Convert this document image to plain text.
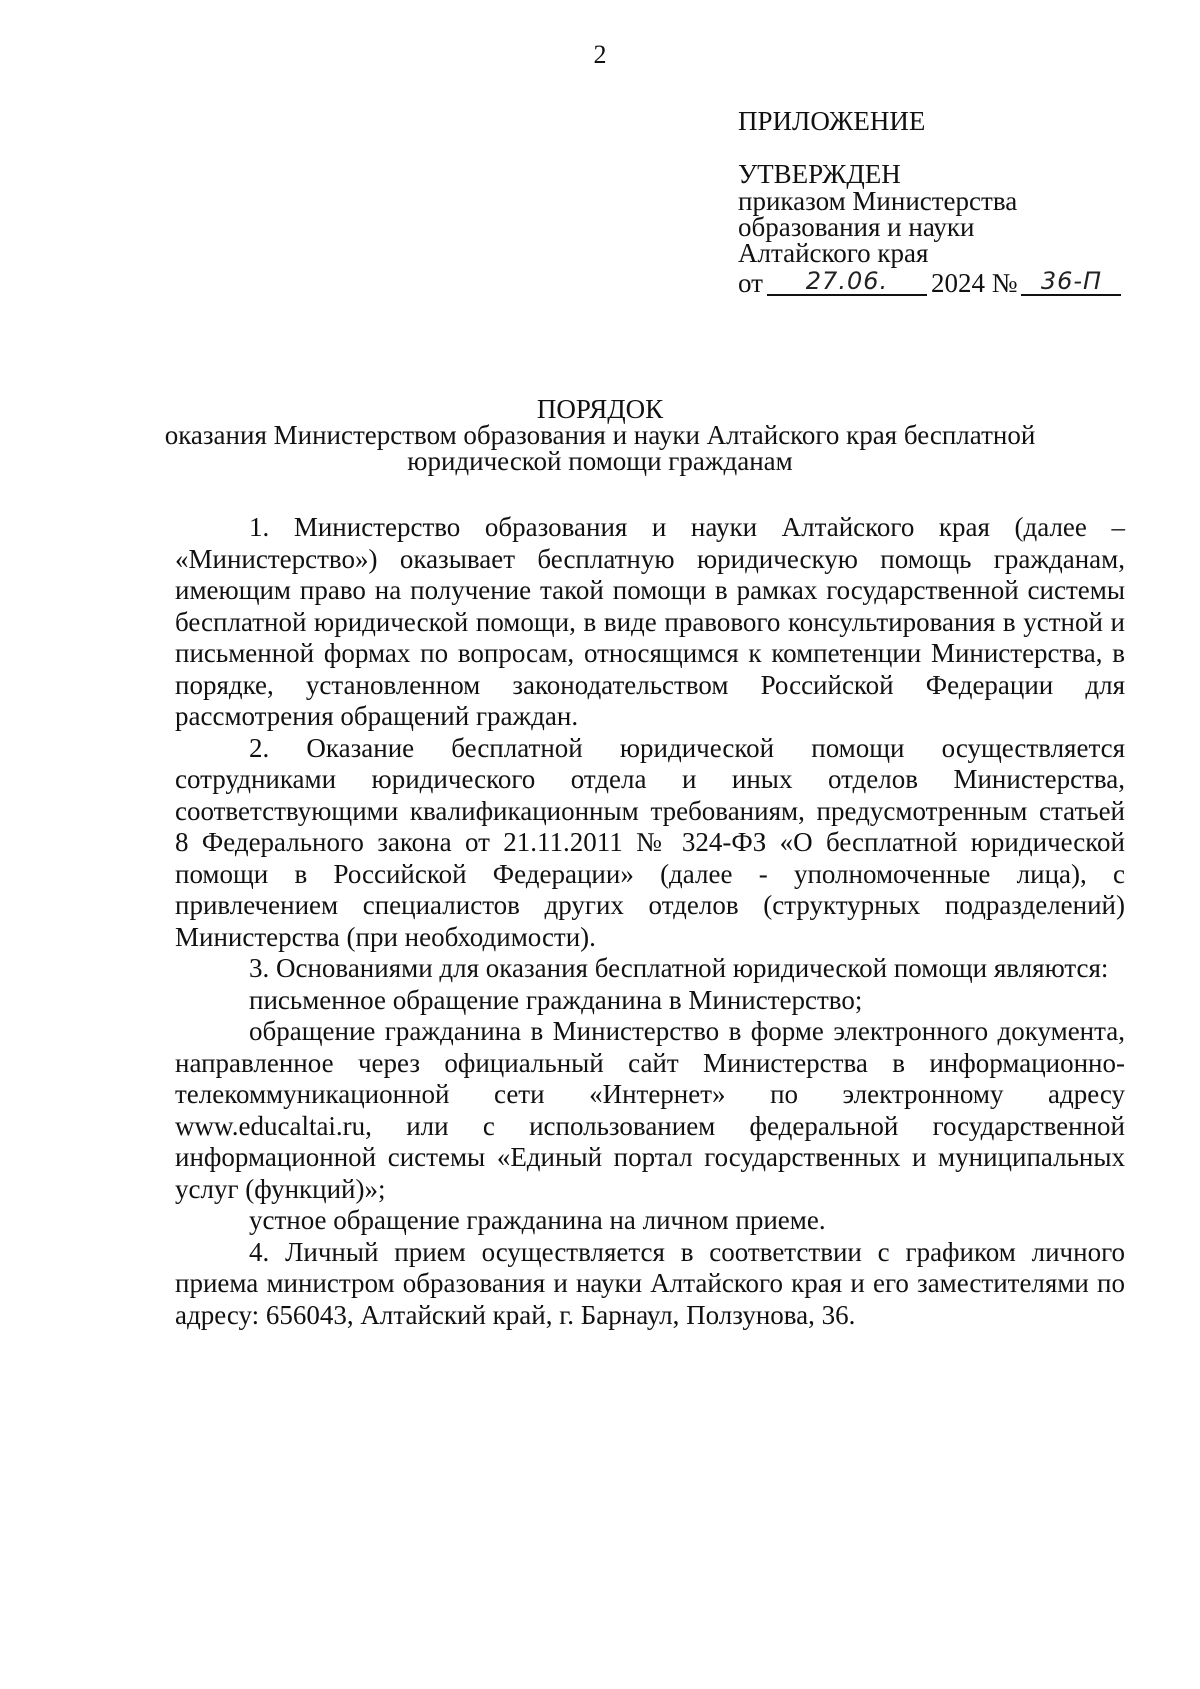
2
ПРИЛОЖЕНИЕ
УТВЕРЖДЕН
приказом Министерства
образования и науки
Алтайского края
от	27.06.	2024 № 36-П
ПОРЯДОК
оказания Министерством образования и науки Алтайского края бесплатной
юридической помощи гражданам

1. Министерство образования и науки Алтайского края (далее – «Министерство») оказывает бесплатную юридическую помощь гражданам, имеющим право на получение такой помощи в рамках государственной системы бесплатной юридической помощи, в виде правового консультирования в устной и письменной формах по вопросам, относящимся к компетенции Министерства, в порядке, установленном законодательством Российской Федерации для рассмотрения обращений граждан.

2. Оказание бесплатной юридической помощи осуществляется сотрудниками юридического отдела и иных отделов Министерства, соответствующими квалификационным требованиям, предусмотренным статьей 8 Федерального закона от 21.11.2011 № 324-ФЗ «О бесплатной юридической помощи в Российской Федерации» (далее - уполномоченные лица), с привлечением специалистов других отделов (структурных подразделений) Министерства (при необходимости).

3. Основаниями для оказания бесплатной юридической помощи являются:

письменное обращение гражданина в Министерство;

обращение гражданина в Министерство в форме электронного документа, направленное через официальный сайт Министерства в информационно-телекоммуникационной сети «Интернет» по электронному адресу www.educaltai.ru, или с использованием федеральной государственной информационной системы «Единый портал государственных и муниципальных услуг (функций)»;

устное обращение гражданина на личном приеме.

4. Личный прием осуществляется в соответствии с графиком личного приема министром образования и науки Алтайского края и его заместителями по адресу: 656043, Алтайский край, г. Барнаул, Ползунова, 36.
